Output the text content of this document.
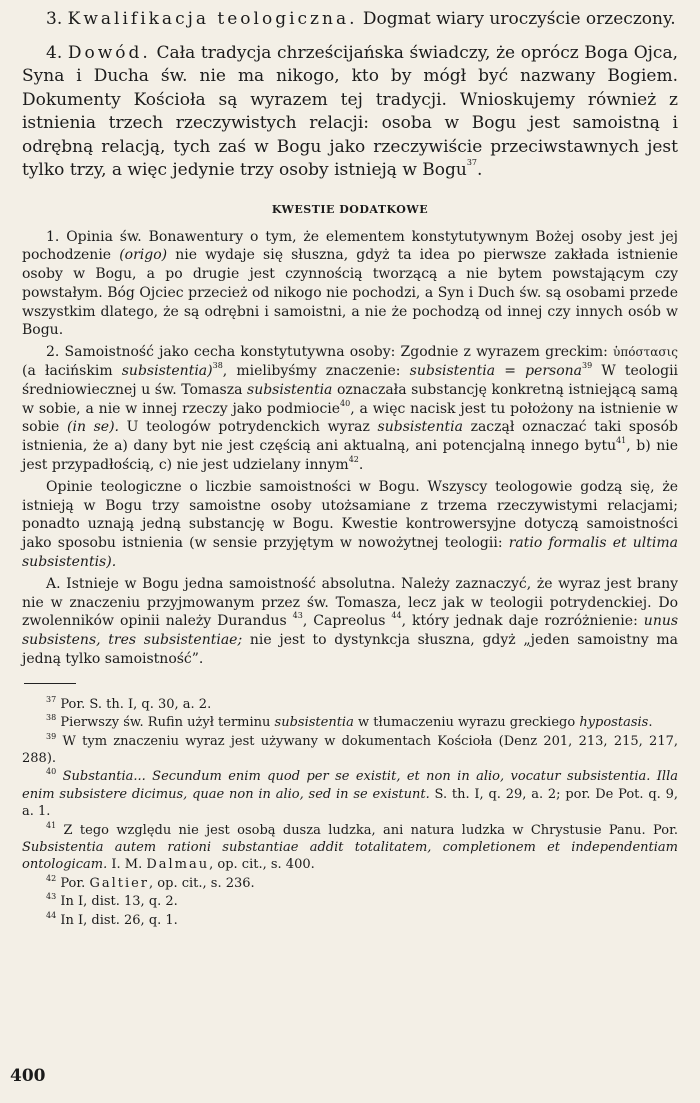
3. Kwalifikacja teologiczna. Dogmat wiary uroczyście orzeczony.

4. Dowód. Cała tradycja chrześcijańska świadczy, że oprócz Boga Ojca, Syna i Ducha św. nie ma nikogo, kto by mógł być nazwany Bogiem. Dokumenty Kościoła są wyrazem tej tradycji. Wnioskujemy również z istnienia trzech rzeczywistych relacji: osoba w Bogu jest samoistną i odrębną relacją, tych zaś w Bogu jako rzeczywiście przeciwstawnych jest tylko trzy, a więc jedynie trzy osoby istnieją w Bogu$^{37}$.

KWESTIE DODATKOWE

1. Opinia św. Bonawentury o tym, że elementem konstytutywnym Bożej osoby jest jej pochodzenie (origo) nie wydaje się słuszna, gdyż ta idea po pierwsze zakłada istnienie osoby w Bogu, a po drugie jest czynnością tworzącą a nie bytem powstającym czy powstałym. Bóg Ojciec przecież od nikogo nie pochodzi, a Syn i Duch św. są osobami przede wszystkim dlatego, że są odrębni i samoistni, a nie że pochodzą od innej czy innych osób w Bogu.

2. Samoistność jako cecha konstytutywna osoby: Zgodnie z wyrazem greckim: ὑπόστασις (a łacińskim subsistentia)$^{38}$, mielibyśmy znaczenie: subsistentia = persona$^{39}$ W teologii średniowiecznej u św. Tomasza subsistentia oznaczała substancję konkretną istniejącą samą w sobie, a nie w innej rzeczy jako podmiocie$^{40}$, a więc nacisk jest tu położony na istnienie w sobie (in se). U teologów potrydenckich wyraz subsistentia zaczął oznaczać taki sposób istnienia, że a) dany byt nie jest częścią ani aktualną, ani potencjalną innego bytu$^{41}$, b) nie jest przypadłością, c) nie jest udzielany innym$^{42}$.

Opinie teologiczne o liczbie samoistności w Bogu. Wszyscy teologowie godzą się, że istnieją w Bogu trzy samoistne osoby utożsamiane z trzema rzeczywistymi relacjami; ponadto uznają jedną substancję w Bogu. Kwestie kontrowersyjne dotyczą samoistności jako sposobu istnienia (w sensie przyjętym w nowożytnej teologii: ratio formalis et ultima subsistentis).

A. Istnieje w Bogu jedna samoistność absolutna. Należy zaznaczyć, że wyraz jest brany nie w znaczeniu przyjmowanym przez św. Tomasza, lecz jak w teologii potrydenckiej. Do zwolenników opinii należy Durandus $^{43}$, Capreolus $^{44}$, który jednak daje rozróżnienie: unus subsistens, tres subsistentiae; nie jest to dystynkcja słuszna, gdyż „jeden samoistny ma jedną tylko samoistność”.

$^{37}$ Por. S. th. I, q. 30, a. 2.

$^{38}$ Pierwszy św. Rufin użył terminu subsistentia w tłumaczeniu wyrazu greckiego hypostasis.

$^{39}$ W tym znaczeniu wyraz jest używany w dokumentach Kościoła (Denz 201, 213, 215, 217, 288).

$^{40}$ Substantia... Secundum enim quod per se existit, et non in alio, vocatur subsistentia. Illa enim subsistere dicimus, quae non in alio, sed in se existunt. S. th. I, q. 29, a. 2; por. De Pot. q. 9, a. 1.

$^{41}$ Z tego względu nie jest osobą dusza ludzka, ani natura ludzka w Chrystusie Panu. Por. Subsistentia autem rationi substantiae addit totalitatem, completionem et independentiam ontologicam. I. M. Dalmau, op. cit., s. 400.

$^{42}$ Por. Galtier, op. cit., s. 236.

$^{43}$ In I, dist. 13, q. 2.

$^{44}$ In I, dist. 26, q. 1.

400
